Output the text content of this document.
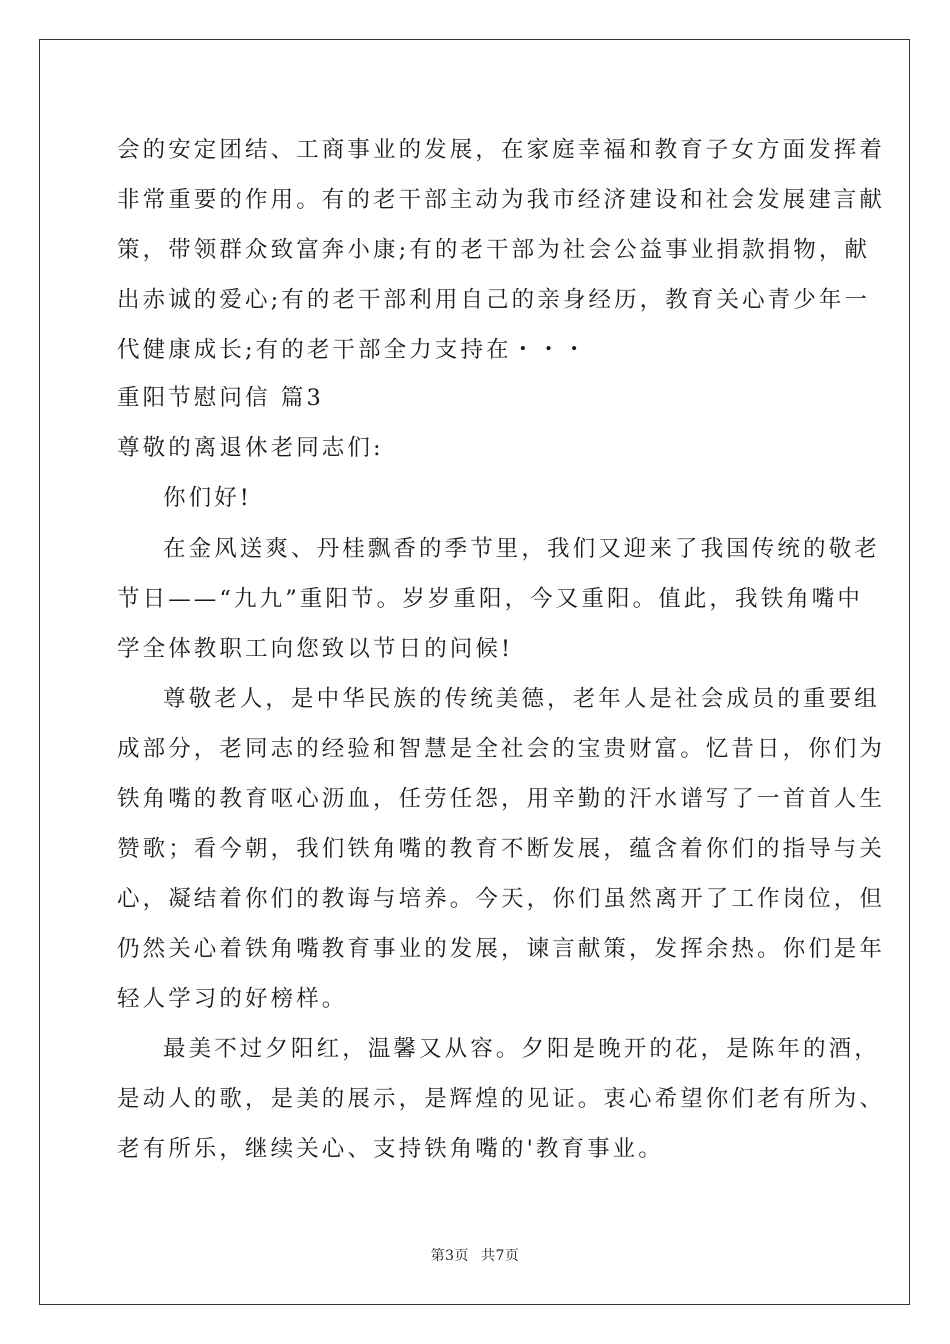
会的安定团结、工商事业的发展，在家庭幸福和教育子女方面发挥着
非常重要的作用。有的老干部主动为我市经济建设和社会发展建言献
策，带领群众致富奔小康;有的老干部为社会公益事业捐款捐物，献
出赤诚的爱心;有的老干部利用自己的亲身经历，教育关心青少年一
代健康成长;有的老干部全力支持在・・・
重阳节慰问信 篇3
尊敬的离退休老同志们:
你们好!
在金风送爽、丹桂飘香的季节里，我们又迎来了我国传统的敬老
节日——“九九”重阳节。岁岁重阳，今又重阳。值此，我铁角嘴中
学全体教职工向您致以节日的问候!
尊敬老人，是中华民族的传统美德，老年人是社会成员的重要组
成部分，老同志的经验和智慧是全社会的宝贵财富。忆昔日，你们为
铁角嘴的教育呕心沥血，任劳任怨，用辛勤的汗水谱写了一首首人生
赞歌；看今朝，我们铁角嘴的教育不断发展，蕴含着你们的指导与关
心，凝结着你们的教诲与培养。今天，你们虽然离开了工作岗位，但
仍然关心着铁角嘴教育事业的发展，谏言献策，发挥余热。你们是年
轻人学习的好榜样。
最美不过夕阳红，温馨又从容。夕阳是晚开的花，是陈年的酒，
是动人的歌，是美的展示，是辉煌的见证。衷心希望你们老有所为、
老有所乐，继续关心、支持铁角嘴的'教育事业。
第3页 共7页
